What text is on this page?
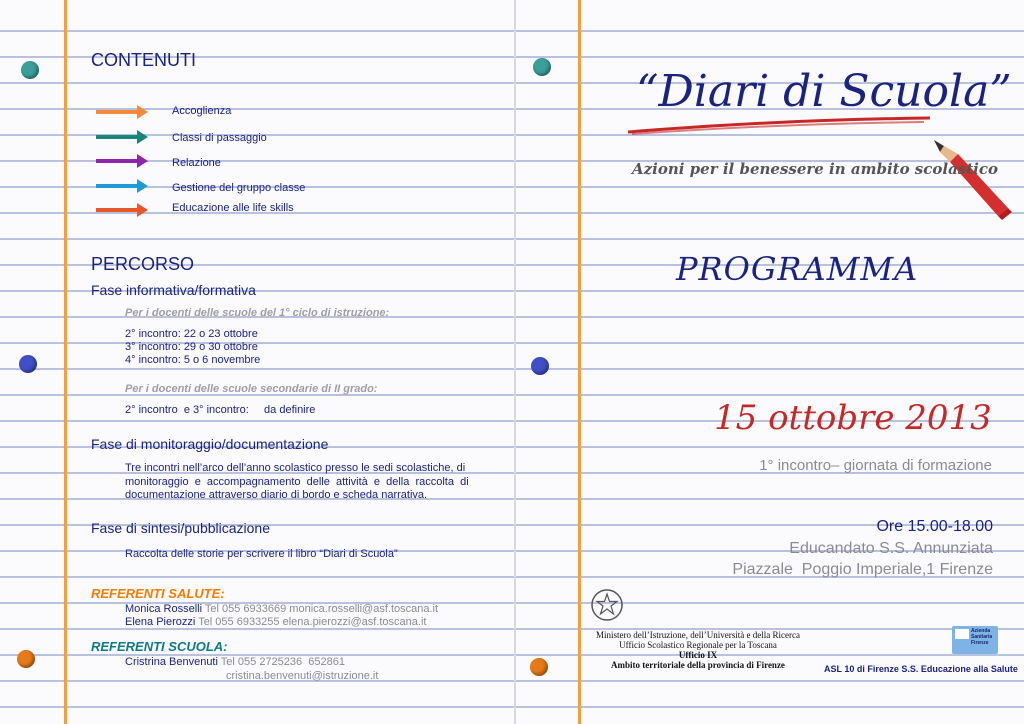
CONTENUTI
Accoglienza
Classi di passaggio
Relazione
Gestione del gruppo classe
Educazione alle life skills
PERCORSO
Fase informativa/formativa
Per i docenti delle scuole del 1° ciclo di istruzione:
2° incontro: 22 o 23 ottobre
3° incontro: 29 o 30 ottobre
4° incontro: 5 o 6 novembre
Per i docenti delle scuole secondarie di II grado:
2° incontro  e 3° incontro:     da definire
Fase di monitoraggio/documentazione
Tre incontri nell’arco dell’anno scolastico presso le sedi scolastiche, di
monitoraggio  e  accompagnamento  delle  attività  e  della  raccolta  di
documentazione attraverso diario di bordo e scheda narrativa.
Fase di sintesi/pubblicazione
Raccolta delle storie per scrivere il libro “Diari di Scuola”
REFERENTI SALUTE:
Monica Rosselli Tel 055 6933669 monica.rosselli@asf.toscana.it
Elena Pierozzi Tel 055 6933255 elena.pierozzi@asf.toscana.it
REFERENTI SCUOLA:
Cristrina Benvenuti Tel 055 2725236  652861
cristina.benvenuti@istruzione.it
“Diari di Scuola”
Azioni per il benessere in ambito scolastico
PROGRAMMA
15 ottobre 2013
1° incontro– giornata di formazione
Ore 15.00-18.00
Educandato S.S. Annunziata
Piazzale  Poggio Imperiale,1 Firenze
Ministero dell’Istruzione, dell’Università e della Ricerca
Ufficio Scolastico Regionale per la Toscana
Ufficio IX
Ambito territoriale della provincia di Firenze
Azienda Sanitaria Firenze
ASL 10 di Firenze S.S. Educazione alla Salute
